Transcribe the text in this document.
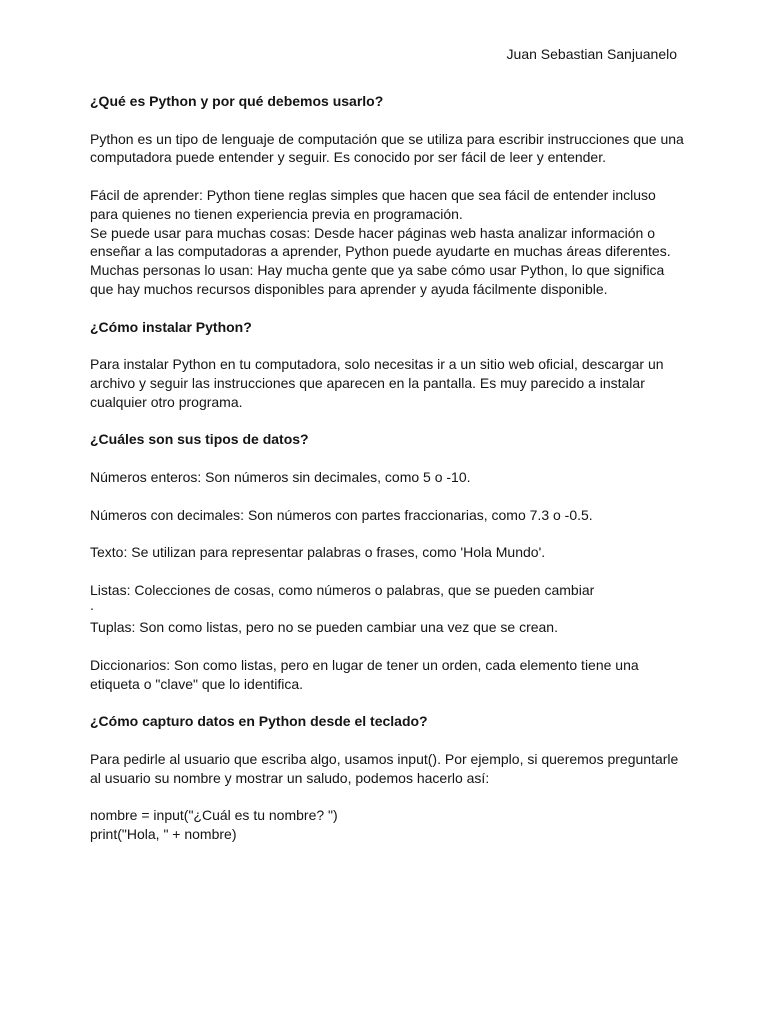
Juan Sebastian Sanjuanelo

¿Qué es Python y por qué debemos usarlo?

Python es un tipo de lenguaje de computación que se utiliza para escribir instrucciones que una

computadora puede entender y seguir. Es conocido por ser fácil de leer y entender.

Fácil de aprender: Python tiene reglas simples que hacen que sea fácil de entender incluso

para quienes no tienen experiencia previa en programación.

Se puede usar para muchas cosas: Desde hacer páginas web hasta analizar información o

enseñar a las computadoras a aprender, Python puede ayudarte en muchas áreas diferentes.

Muchas personas lo usan: Hay mucha gente que ya sabe cómo usar Python, lo que significa

que hay muchos recursos disponibles para aprender y ayuda fácilmente disponible.

¿Cómo instalar Python?

Para instalar Python en tu computadora, solo necesitas ir a un sitio web oficial, descargar un

archivo y seguir las instrucciones que aparecen en la pantalla. Es muy parecido a instalar

cualquier otro programa.

¿Cuáles son sus tipos de datos?

Números enteros: Son números sin decimales, como 5 o -10.

Números con decimales: Son números con partes fraccionarias, como 7.3 o -0.5.

Texto: Se utilizan para representar palabras o frases, como 'Hola Mundo'.

Listas: Colecciones de cosas, como números o palabras, que se pueden cambiar

.

Tuplas: Son como listas, pero no se pueden cambiar una vez que se crean.

Diccionarios: Son como listas, pero en lugar de tener un orden, cada elemento tiene una

etiqueta o "clave" que lo identifica.

¿Cómo capturo datos en Python desde el teclado?

Para pedirle al usuario que escriba algo, usamos input(). Por ejemplo, si queremos preguntarle

al usuario su nombre y mostrar un saludo, podemos hacerlo así:

nombre = input("¿Cuál es tu nombre? ")

print("Hola, " + nombre)
